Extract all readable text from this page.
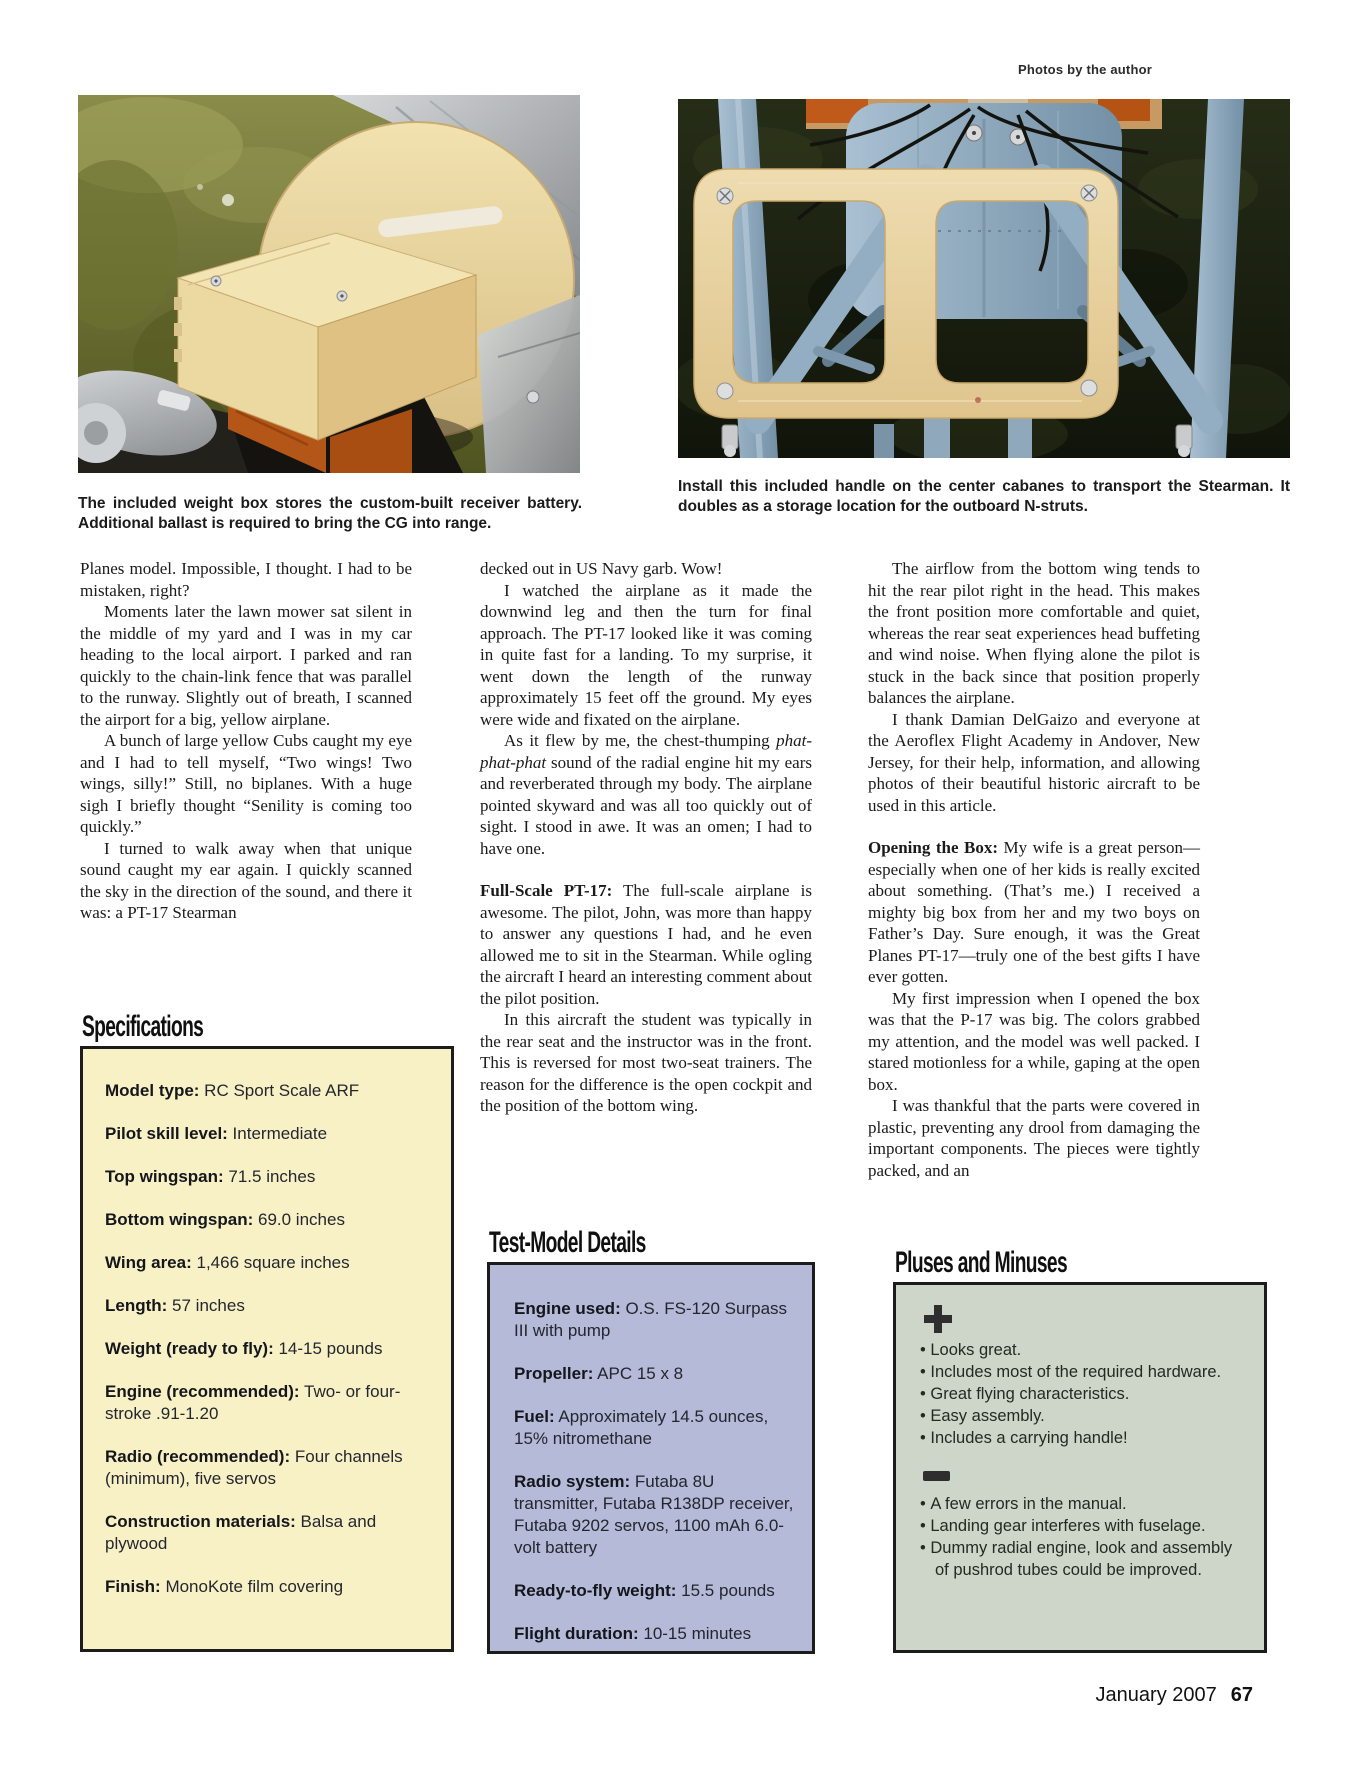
Photos by the author

The included weight box stores the custom-built receiver battery. Additional ballast is required to bring the CG into range.

Install this included handle on the center cabanes to transport the Stearman. It doubles as a storage location for the outboard N-struts.

Planes model. Impossible, I thought. I had to be mistaken, right?

Moments later the lawn mower sat silent in the middle of my yard and I was in my car heading to the local airport. I parked and ran quickly to the chain-link fence that was parallel to the runway. Slightly out of breath, I scanned the airport for a big, yellow airplane.

A bunch of large yellow Cubs caught my eye and I had to tell myself, “Two wings! Two wings, silly!” Still, no biplanes. With a huge sigh I briefly thought “Senility is coming too quickly.”

I turned to walk away when that unique sound caught my ear again. I quickly scanned the sky in the direction of the sound, and there it was: a PT-17 Stearman

decked out in US Navy garb. Wow!

I watched the airplane as it made the downwind leg and then the turn for final approach. The PT-17 looked like it was coming in quite fast for a landing. To my surprise, it went down the length of the runway approximately 15 feet off the ground. My eyes were wide and fixated on the airplane.

As it flew by me, the chest-thumping phat-phat-phat sound of the radial engine hit my ears and reverberated through my body. The airplane pointed skyward and was all too quickly out of sight. I stood in awe. It was an omen; I had to have one.

Full-Scale PT-17: The full-scale airplane is awesome. The pilot, John, was more than happy to answer any questions I had, and he even allowed me to sit in the Stearman. While ogling the aircraft I heard an interesting comment about the pilot position.

In this aircraft the student was typically in the rear seat and the instructor was in the front. This is reversed for most two-seat trainers. The reason for the difference is the open cockpit and the position of the bottom wing.

The airflow from the bottom wing tends to hit the rear pilot right in the head. This makes the front position more comfortable and quiet, whereas the rear seat experiences head buffeting and wind noise. When flying alone the pilot is stuck in the back since that position properly balances the airplane.

I thank Damian DelGaizo and everyone at the Aeroflex Flight Academy in Andover, New Jersey, for their help, information, and allowing photos of their beautiful historic aircraft to be used in this article.

Opening the Box: My wife is a great person—especially when one of her kids is really excited about something. (That’s me.) I received a mighty big box from her and my two boys on Father’s Day. Sure enough, it was the Great Planes PT-17—truly one of the best gifts I have ever gotten.

My first impression when I opened the box was that the P-17 was big. The colors grabbed my attention, and the model was well packed. I stared motionless for a while, gaping at the open box.

I was thankful that the parts were covered in plastic, preventing any drool from damaging the important components. The pieces were tightly packed, and an

Specifications

Model type: RC Sport Scale ARF

Pilot skill level: Intermediate

Top wingspan: 71.5 inches

Bottom wingspan: 69.0 inches

Wing area: 1,466 square inches

Length: 57 inches

Weight (ready to fly): 14-15 pounds

Engine (recommended): Two- or four-stroke .91-1.20

Radio (recommended): Four channels (minimum), five servos

Construction materials: Balsa and plywood

Finish: MonoKote film covering

Test-Model Details

Engine used: O.S. FS-120 Surpass III with pump

Propeller: APC 15 x 8

Fuel: Approximately 14.5 ounces, 15% nitromethane

Radio system: Futaba 8U transmitter, Futaba R138DP receiver, Futaba 9202 servos, 1100 mAh 6.0-volt battery

Ready-to-fly weight: 15.5 pounds

Flight duration: 10-15 minutes

Pluses and Minuses
• Looks great.
• Includes most of the required hardware.
• Great flying characteristics.
• Easy assembly.
• Includes a carrying handle!
• A few errors in the manual.
• Landing gear interferes with fuselage.
• Dummy radial engine, look and assembly of pushrod tubes could be improved.
January 2007 67
